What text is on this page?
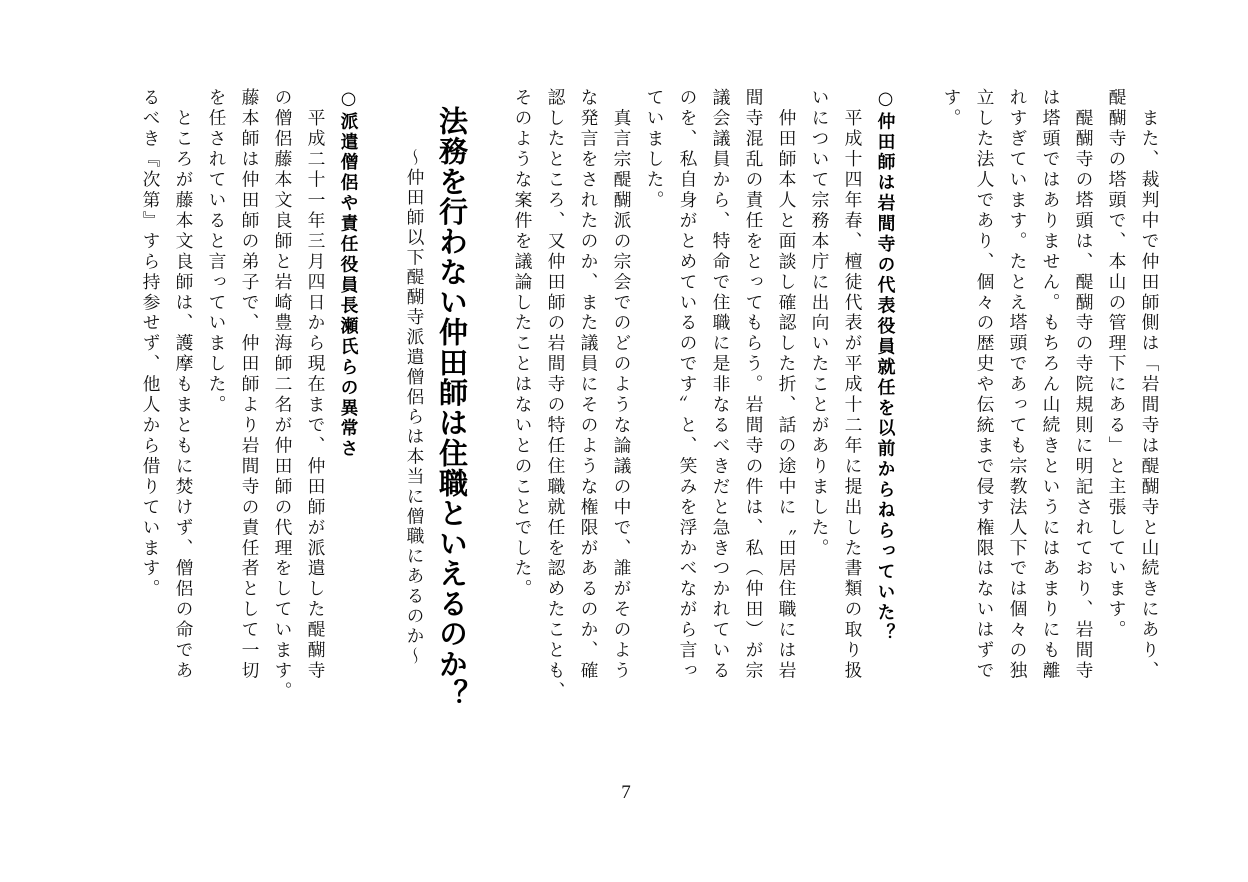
　また、裁判中で仲田師側は「岩間寺は醍醐寺と山続きにあり、
醍醐寺の塔頭で、本山の管理下にある」と主張しています。
　醍醐寺の塔頭は、醍醐寺の寺院規則に明記されており、岩間寺
は塔頭ではありません。もちろん山続きというにはあまりにも離
れすぎています。たとえ塔頭であっても宗教法人下では個々の独
立した法人であり、個々の歴史や伝統まで侵す権限はないはずで
す。
○仲田師は岩間寺の代表役員就任を以前からねらっていた？
　平成十四年春、檀徒代表が平成十二年に提出した書類の取り扱
いについて宗務本庁に出向いたことがありました。
　仲田師本人と面談し確認した折、話の途中に〝田居住職には岩
間寺混乱の責任をとってもらう。岩間寺の件は、私（仲田）が宗
議会議員から、特命で住職に是非なるべきだと急きつかれている
のを、私自身がとめているのです〟と、笑みを浮かべながら言っ
ていました。
　真言宗醍醐派の宗会でのどのような論議の中で、誰がそのよう
な発言をされたのか、また議員にそのような権限があるのか、確
認したところ、又仲田師の岩間寺の特任住職就任を認めたことも、
そのような案件を議論したことはないとのことでした。
法務を行わない仲田師は住職といえるのか？
～仲田師以下醍醐寺派遣僧侶らは本当に僧職にあるのか～
○派遣僧侶や責任役員長瀬氏らの異常さ
　平成二十一年三月四日から現在まで、仲田師が派遣した醍醐寺
の僧侶藤本文良師と岩崎豊海師二名が仲田師の代理をしています。
藤本師は仲田師の弟子で、仲田師より岩間寺の責任者として一切
を任されていると言っていました。
　ところが藤本文良師は、護摩もまともに焚けず、僧侶の命であ
るべき『次第』すら持参せず、他人から借りています。
7
